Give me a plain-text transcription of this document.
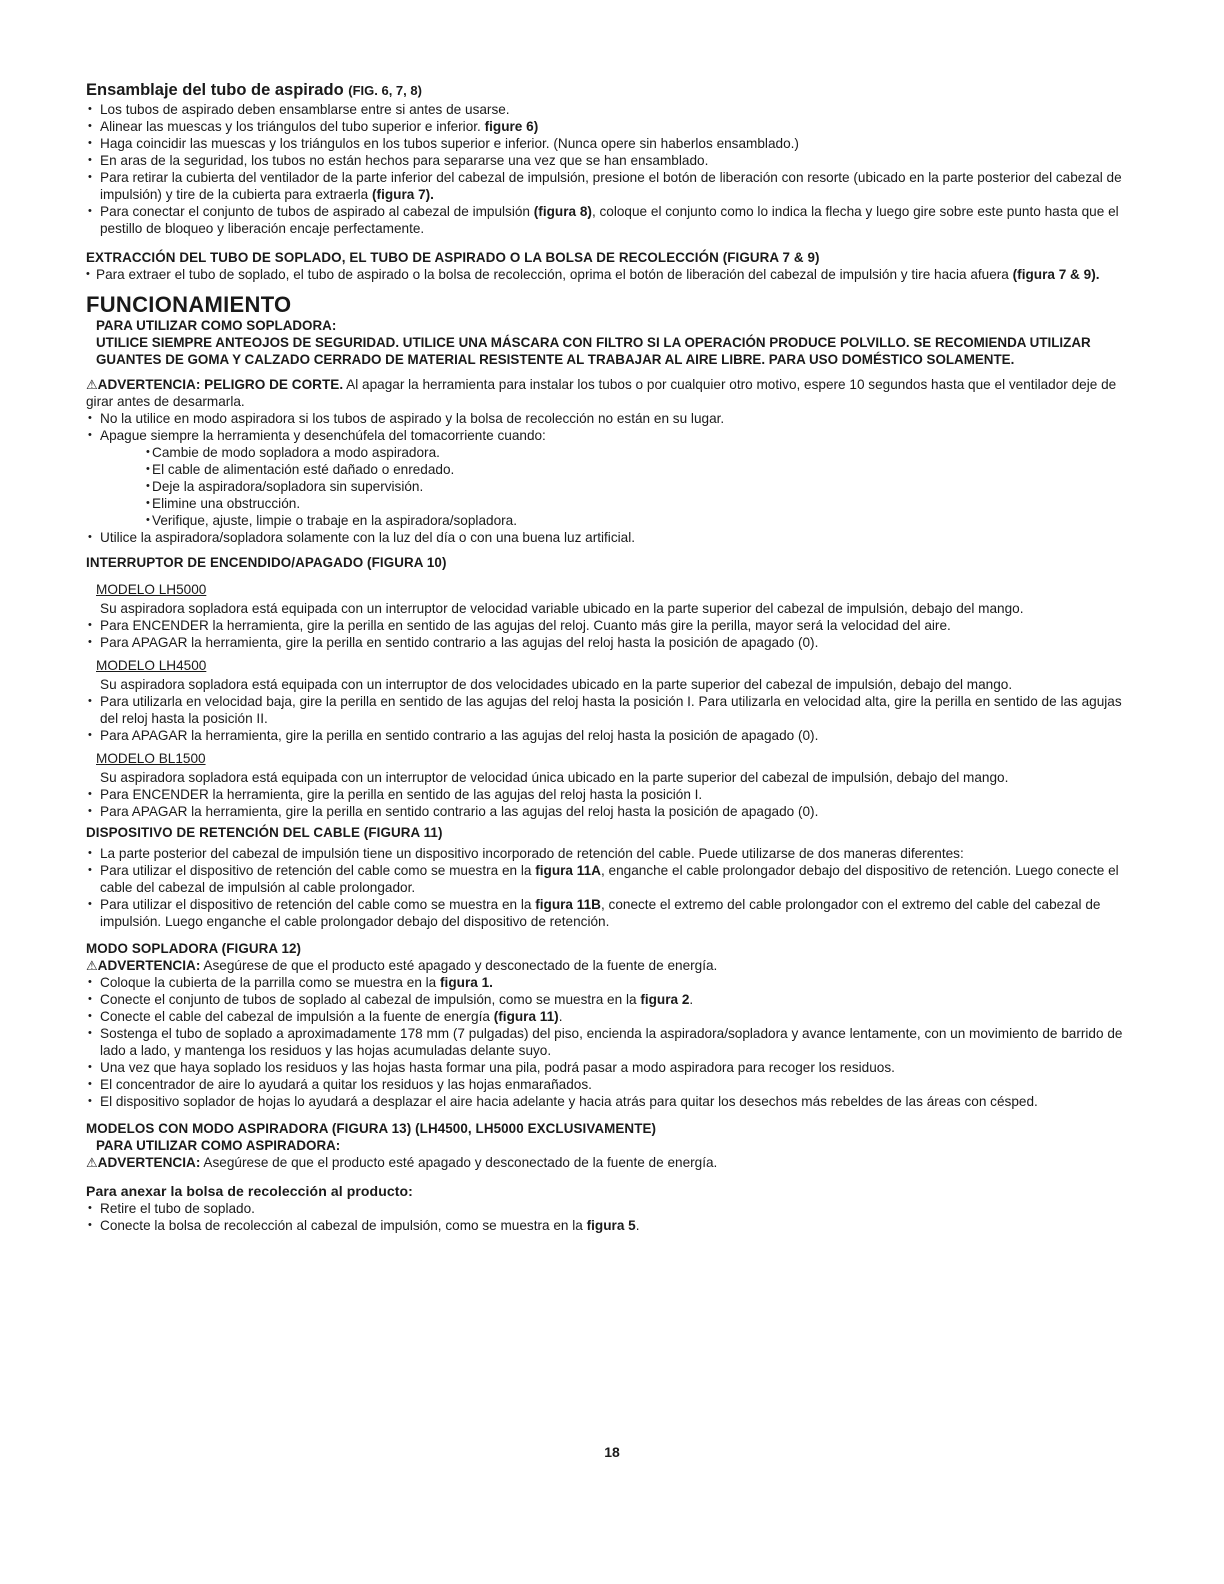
Ensamblaje del tubo de aspirado (FIG. 6, 7, 8)

• Los tubos de aspirado deben ensamblarse entre si antes de usarse.
• Alinear las muescas y los triángulos del tubo superior e inferior. figure 6)
• Haga coincidir las muescas y los triángulos en los tubos superior e inferior. (Nunca opere sin haberlos ensamblado.)
• En aras de la seguridad, los tubos no están hechos para separarse una vez que se han ensamblado.
• Para retirar la cubierta del ventilador de la parte inferior del cabezal de impulsión, presione el botón de liberación con resorte (ubicado en la parte posterior del cabezal de impulsión) y tire de la cubierta para extraerla (figura 7).
• Para conectar el conjunto de tubos de aspirado al cabezal de impulsión (figura 8), coloque el conjunto como lo indica la flecha y luego gire sobre este punto hasta que el pestillo de bloqueo y liberación encaje perfectamente.

EXTRACCIÓN DEL TUBO DE SOPLADO, EL TUBO DE ASPIRADO O LA BOLSA DE RECOLECCIÓN (FIGURA 7 & 9)

• Para extraer el tubo de soplado, el tubo de aspirado o la bolsa de recolección, oprima el botón de liberación del cabezal de impulsión y tire hacia afuera (figura 7 & 9).

FUNCIONAMIENTO

PARA UTILIZAR COMO SOPLADORA:

UTILICE SIEMPRE ANTEOJOS DE SEGURIDAD. UTILICE UNA MÁSCARA CON FILTRO SI LA OPERACIÓN PRODUCE POLVILLO. SE RECOMIENDA UTILIZAR GUANTES DE GOMA Y CALZADO CERRADO DE MATERIAL RESISTENTE AL TRABAJAR AL AIRE LIBRE. PARA USO DOMÉSTICO SOLAMENTE.

⚠ADVERTENCIA: PELIGRO DE CORTE. Al apagar la herramienta para instalar los tubos o por cualquier otro motivo, espere 10 segundos hasta que el ventilador deje de girar antes de desarmarla.
• No la utilice en modo aspiradora si los tubos de aspirado y la bolsa de recolección no están en su lugar.
• Apague siempre la herramienta y desenchúfela del tomacorriente cuando:
• Cambie de modo sopladora a modo aspiradora.
• El cable de alimentación esté dañado o enredado.
• Deje la aspiradora/sopladora sin supervisión.
• Elimine una obstrucción.
• Verifique, ajuste, limpie o trabaje en la aspiradora/sopladora.
• Utilice la aspiradora/sopladora solamente con la luz del día o con una buena luz artificial.

INTERRUPTOR DE ENCENDIDO/APAGADO (FIGURA 10)

MODELO LH5000

Su aspiradora sopladora está equipada con un interruptor de velocidad variable ubicado en la parte superior del cabezal de impulsión, debajo del mango.
• Para ENCENDER la herramienta, gire la perilla en sentido de las agujas del reloj. Cuanto más gire la perilla, mayor será la velocidad del aire.
• Para APAGAR la herramienta, gire la perilla en sentido contrario a las agujas del reloj hasta la posición de apagado (0).

MODELO LH4500

Su aspiradora sopladora está equipada con un interruptor de dos velocidades ubicado en la parte superior del cabezal de impulsión, debajo del mango.
• Para utilizarla en velocidad baja, gire la perilla en sentido de las agujas del reloj hasta la posición I. Para utilizarla en velocidad alta, gire la perilla en sentido de las agujas del reloj hasta la posición II.
• Para APAGAR la herramienta, gire la perilla en sentido contrario a las agujas del reloj hasta la posición de apagado (0).

MODELO BL1500

Su aspiradora sopladora está equipada con un interruptor de velocidad única ubicado en la parte superior del cabezal de impulsión, debajo del mango.
• Para ENCENDER la herramienta, gire la perilla en sentido de las agujas del reloj hasta la posición I.
• Para APAGAR la herramienta, gire la perilla en sentido contrario a las agujas del reloj hasta la posición de apagado (0).

DISPOSITIVO DE RETENCIÓN DEL CABLE (FIGURA 11)

• La parte posterior del cabezal de impulsión tiene un dispositivo incorporado de retención del cable. Puede utilizarse de dos maneras diferentes:
• Para utilizar el dispositivo de retención del cable como se muestra en la figura 11A, enganche el cable prolongador debajo del dispositivo de retención. Luego conecte el cable del cabezal de impulsión al cable prolongador.
• Para utilizar el dispositivo de retención del cable como se muestra en la figura 11B, conecte el extremo del cable prolongador con el extremo del cable del cabezal de impulsión. Luego enganche el cable prolongador debajo del dispositivo de retención.

MODO SOPLADORA (FIGURA 12)

⚠ADVERTENCIA: Asegúrese de que el producto esté apagado y desconectado de la fuente de energía.
• Coloque la cubierta de la parrilla como se muestra en la figura 1.
• Conecte el conjunto de tubos de soplado al cabezal de impulsión, como se muestra en la figura 2.
• Conecte el cable del cabezal de impulsión a la fuente de energía (figura 11).
• Sostenga el tubo de soplado a aproximadamente 178 mm (7 pulgadas) del piso, encienda la aspiradora/sopladora y avance lentamente, con un movimiento de barrido de lado a lado, y mantenga los residuos y las hojas acumuladas delante suyo.
• Una vez que haya soplado los residuos y las hojas hasta formar una pila, podrá pasar a modo aspiradora para recoger los residuos.
• El concentrador de aire lo ayudará a quitar los residuos y las hojas enmarañados.
• El dispositivo soplador de hojas lo ayudará a desplazar el aire hacia adelante y hacia atrás para quitar los desechos más rebeldes de las áreas con césped.

MODELOS CON MODO ASPIRADORA (FIGURA 13) (LH4500, LH5000 EXCLUSIVAMENTE)

PARA UTILIZAR COMO ASPIRADORA:

⚠ADVERTENCIA: Asegúrese de que el producto esté apagado y desconectado de la fuente de energía.

Para anexar la bolsa de recolección al producto:

• Retire el tubo de soplado.
• Conecte la bolsa de recolección al cabezal de impulsión, como se muestra en la figura 5.
18
